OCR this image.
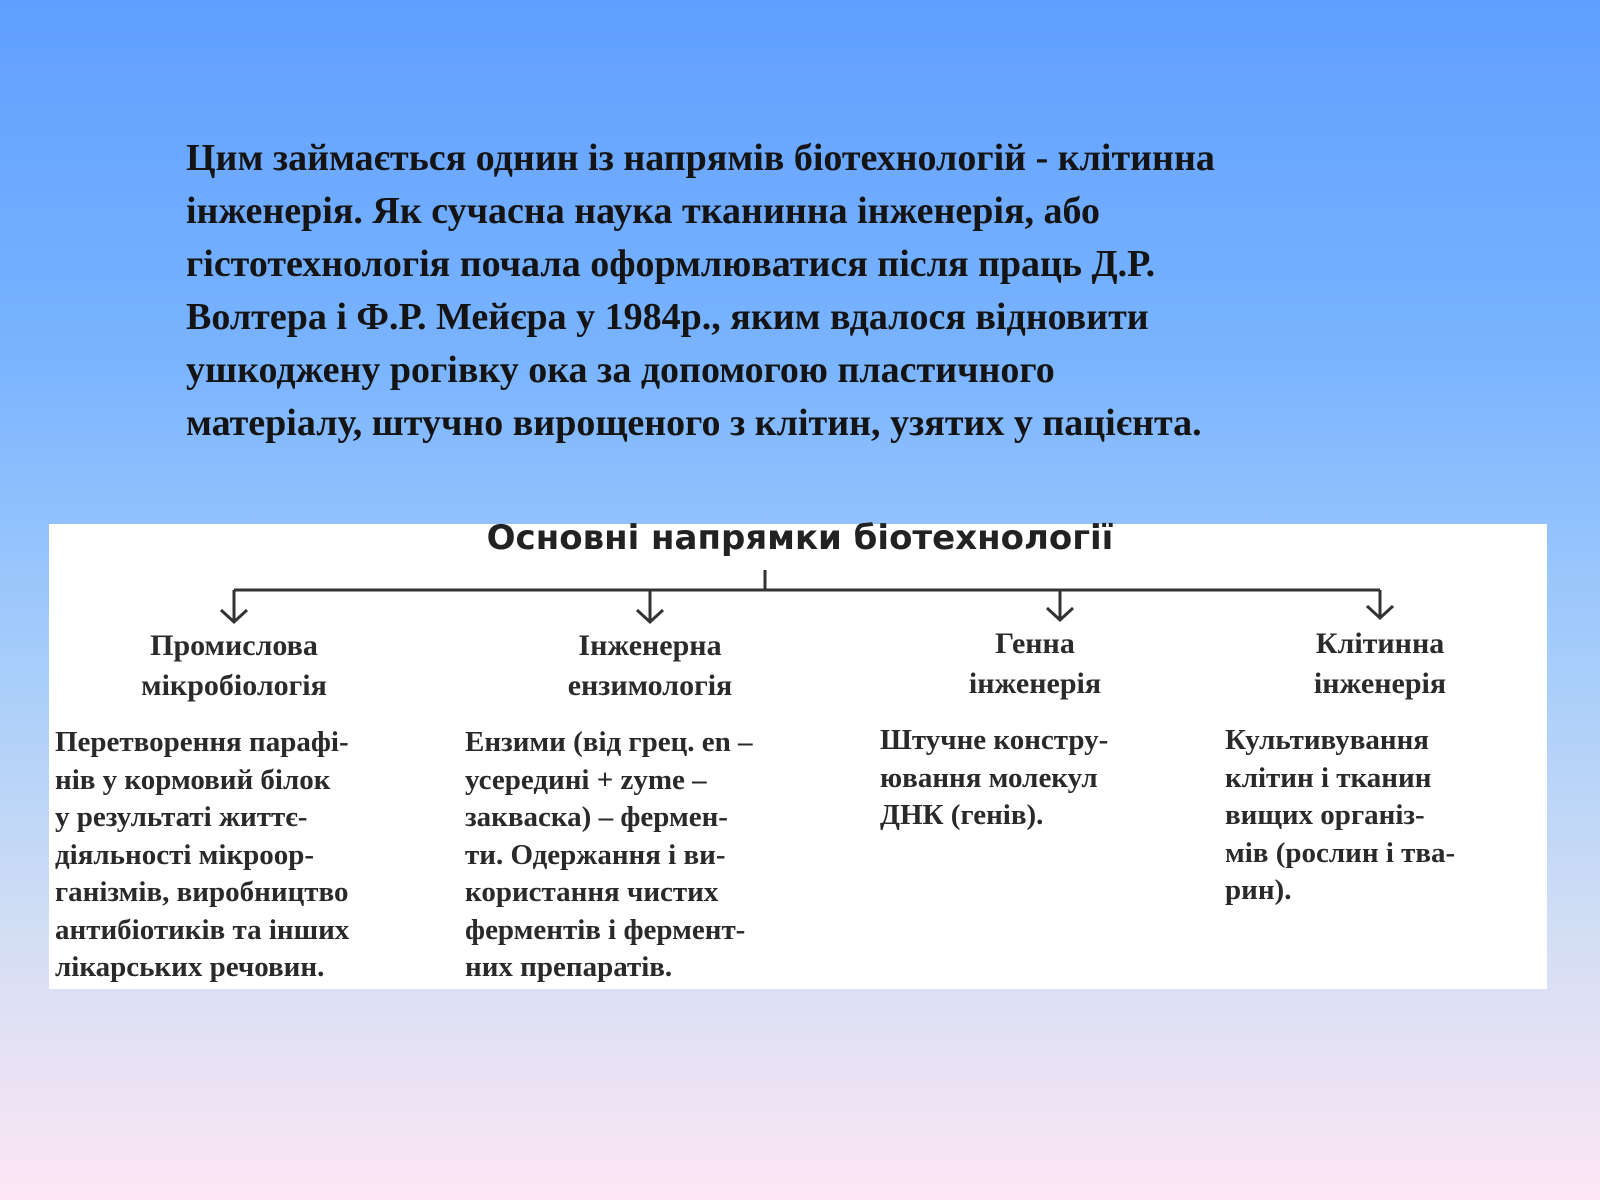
Цим займається однин із напрямів біотехнологій - клітинна
інженерія. Як сучасна наука тканинна інженерія, або
гістотехнологія почала оформлюватися після праць Д.Р.
Волтера і Ф.Р. Мейєра у 1984р., яким вдалося відновити
ушкоджену рогівку ока за допомогою пластичного
матеріалу, штучно вирощеного з клітин, узятих у пацієнта.
Основні напрямки біотехнології
Промислова
мікробіологія
Інженерна
ензимологія
Генна
інженерія
Клітинна
інженерія
Перетворення парафі-
нів у кормовий білок
у результаті життє-
діяльності мікроор-
ганізмів, виробництво
антибіотиків та інших
лікарських речовин.
Ензими (від грец. en –
усередині + zyme –
закваска) – фермен-
ти. Одержання і ви-
користання чистих
ферментів і фермент-
них препаратів.
Штучне констру-
ювання молекул
ДНК (генів).
Культивування
клітин і тканин
вищих організ-
мів (рослин і тва-
рин).
